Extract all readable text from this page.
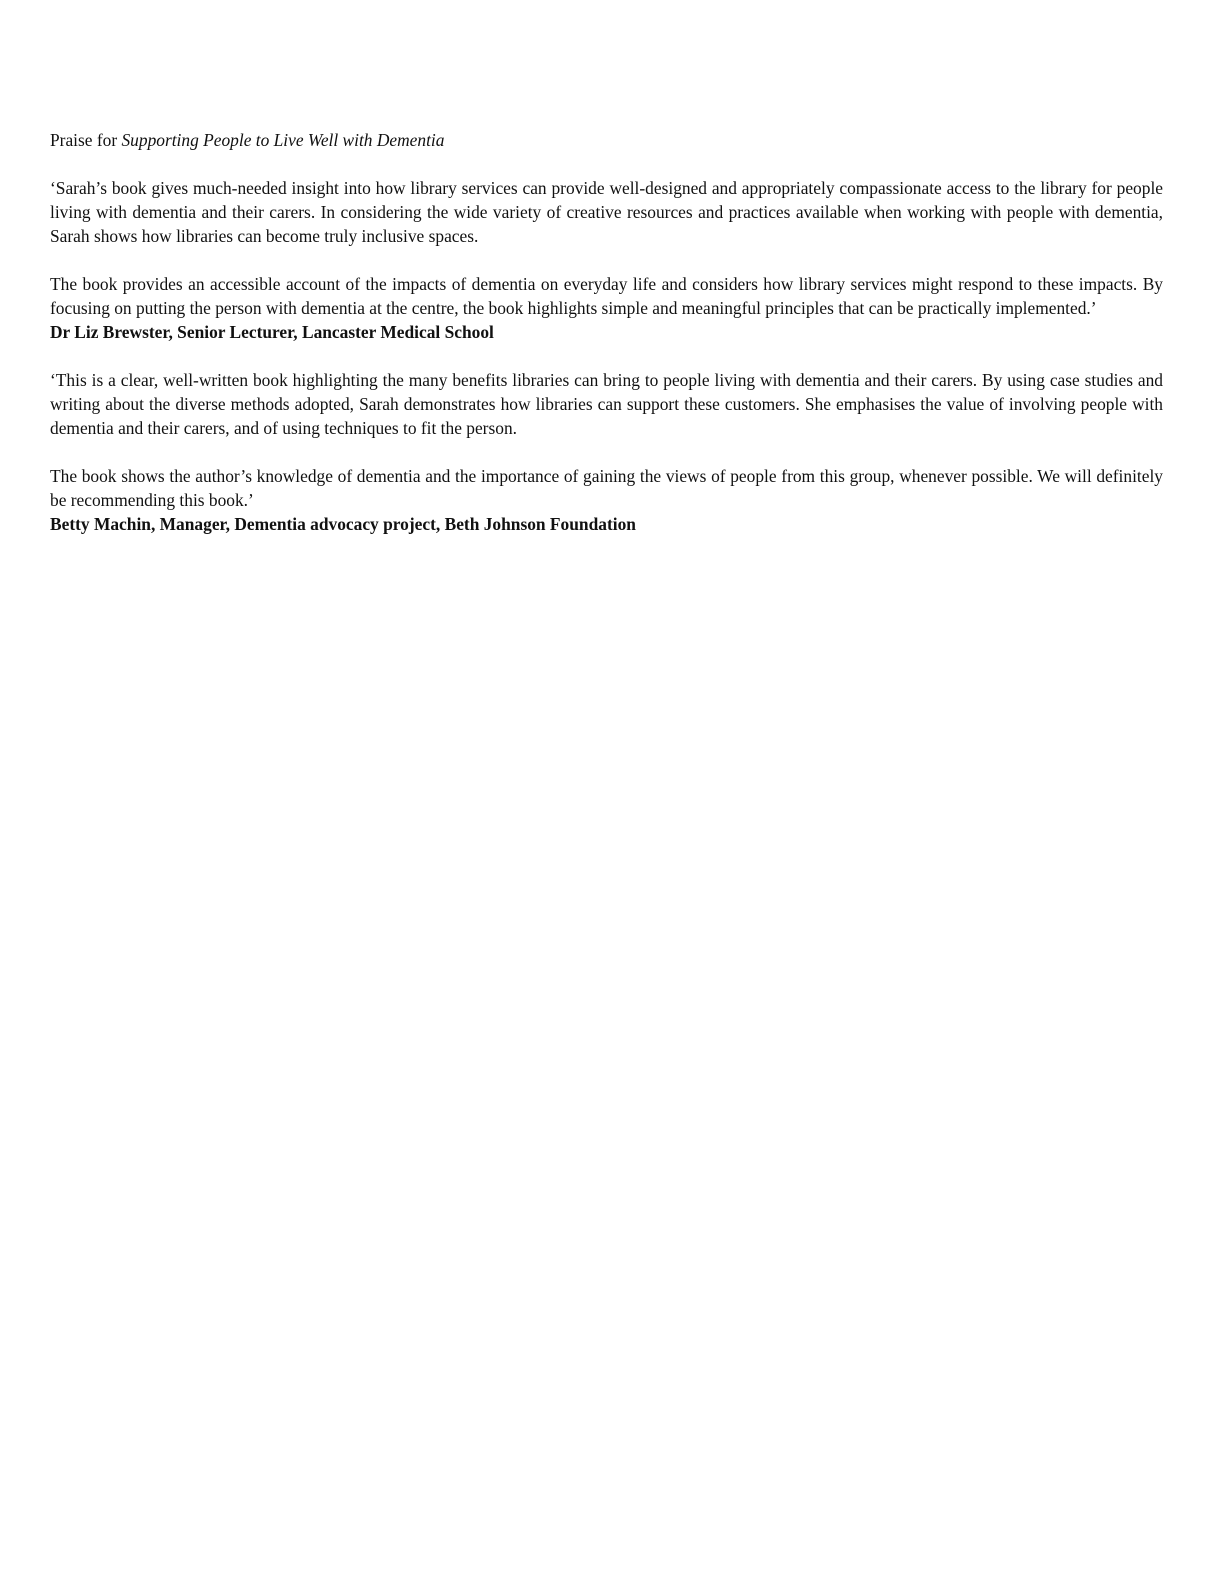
Praise for Supporting People to Live Well with Dementia

‘Sarah’s book gives much-needed insight into how library services can provide well-designed and appropriately compassionate access to the library for people living with dementia and their carers. In considering the wide variety of creative resources and practices available when working with people with dementia, Sarah shows how libraries can become truly inclusive spaces.

The book provides an accessible account of the impacts of dementia on everyday life and considers how library services might respond to these impacts. By focusing on putting the person with dementia at the centre, the book highlights simple and meaningful principles that can be practically implemented.’

Dr Liz Brewster, Senior Lecturer, Lancaster Medical School

‘This is a clear, well-written book highlighting the many benefits libraries can bring to people living with dementia and their carers. By using case studies and writing about the diverse methods adopted, Sarah demonstrates how libraries can support these customers. She emphasises the value of involving people with dementia and their carers, and of using techniques to fit the person.

The book shows the author’s knowledge of dementia and the importance of gaining the views of people from this group, whenever possible. We will definitely be recommending this book.’

Betty Machin, Manager, Dementia advocacy project, Beth Johnson Foundation
